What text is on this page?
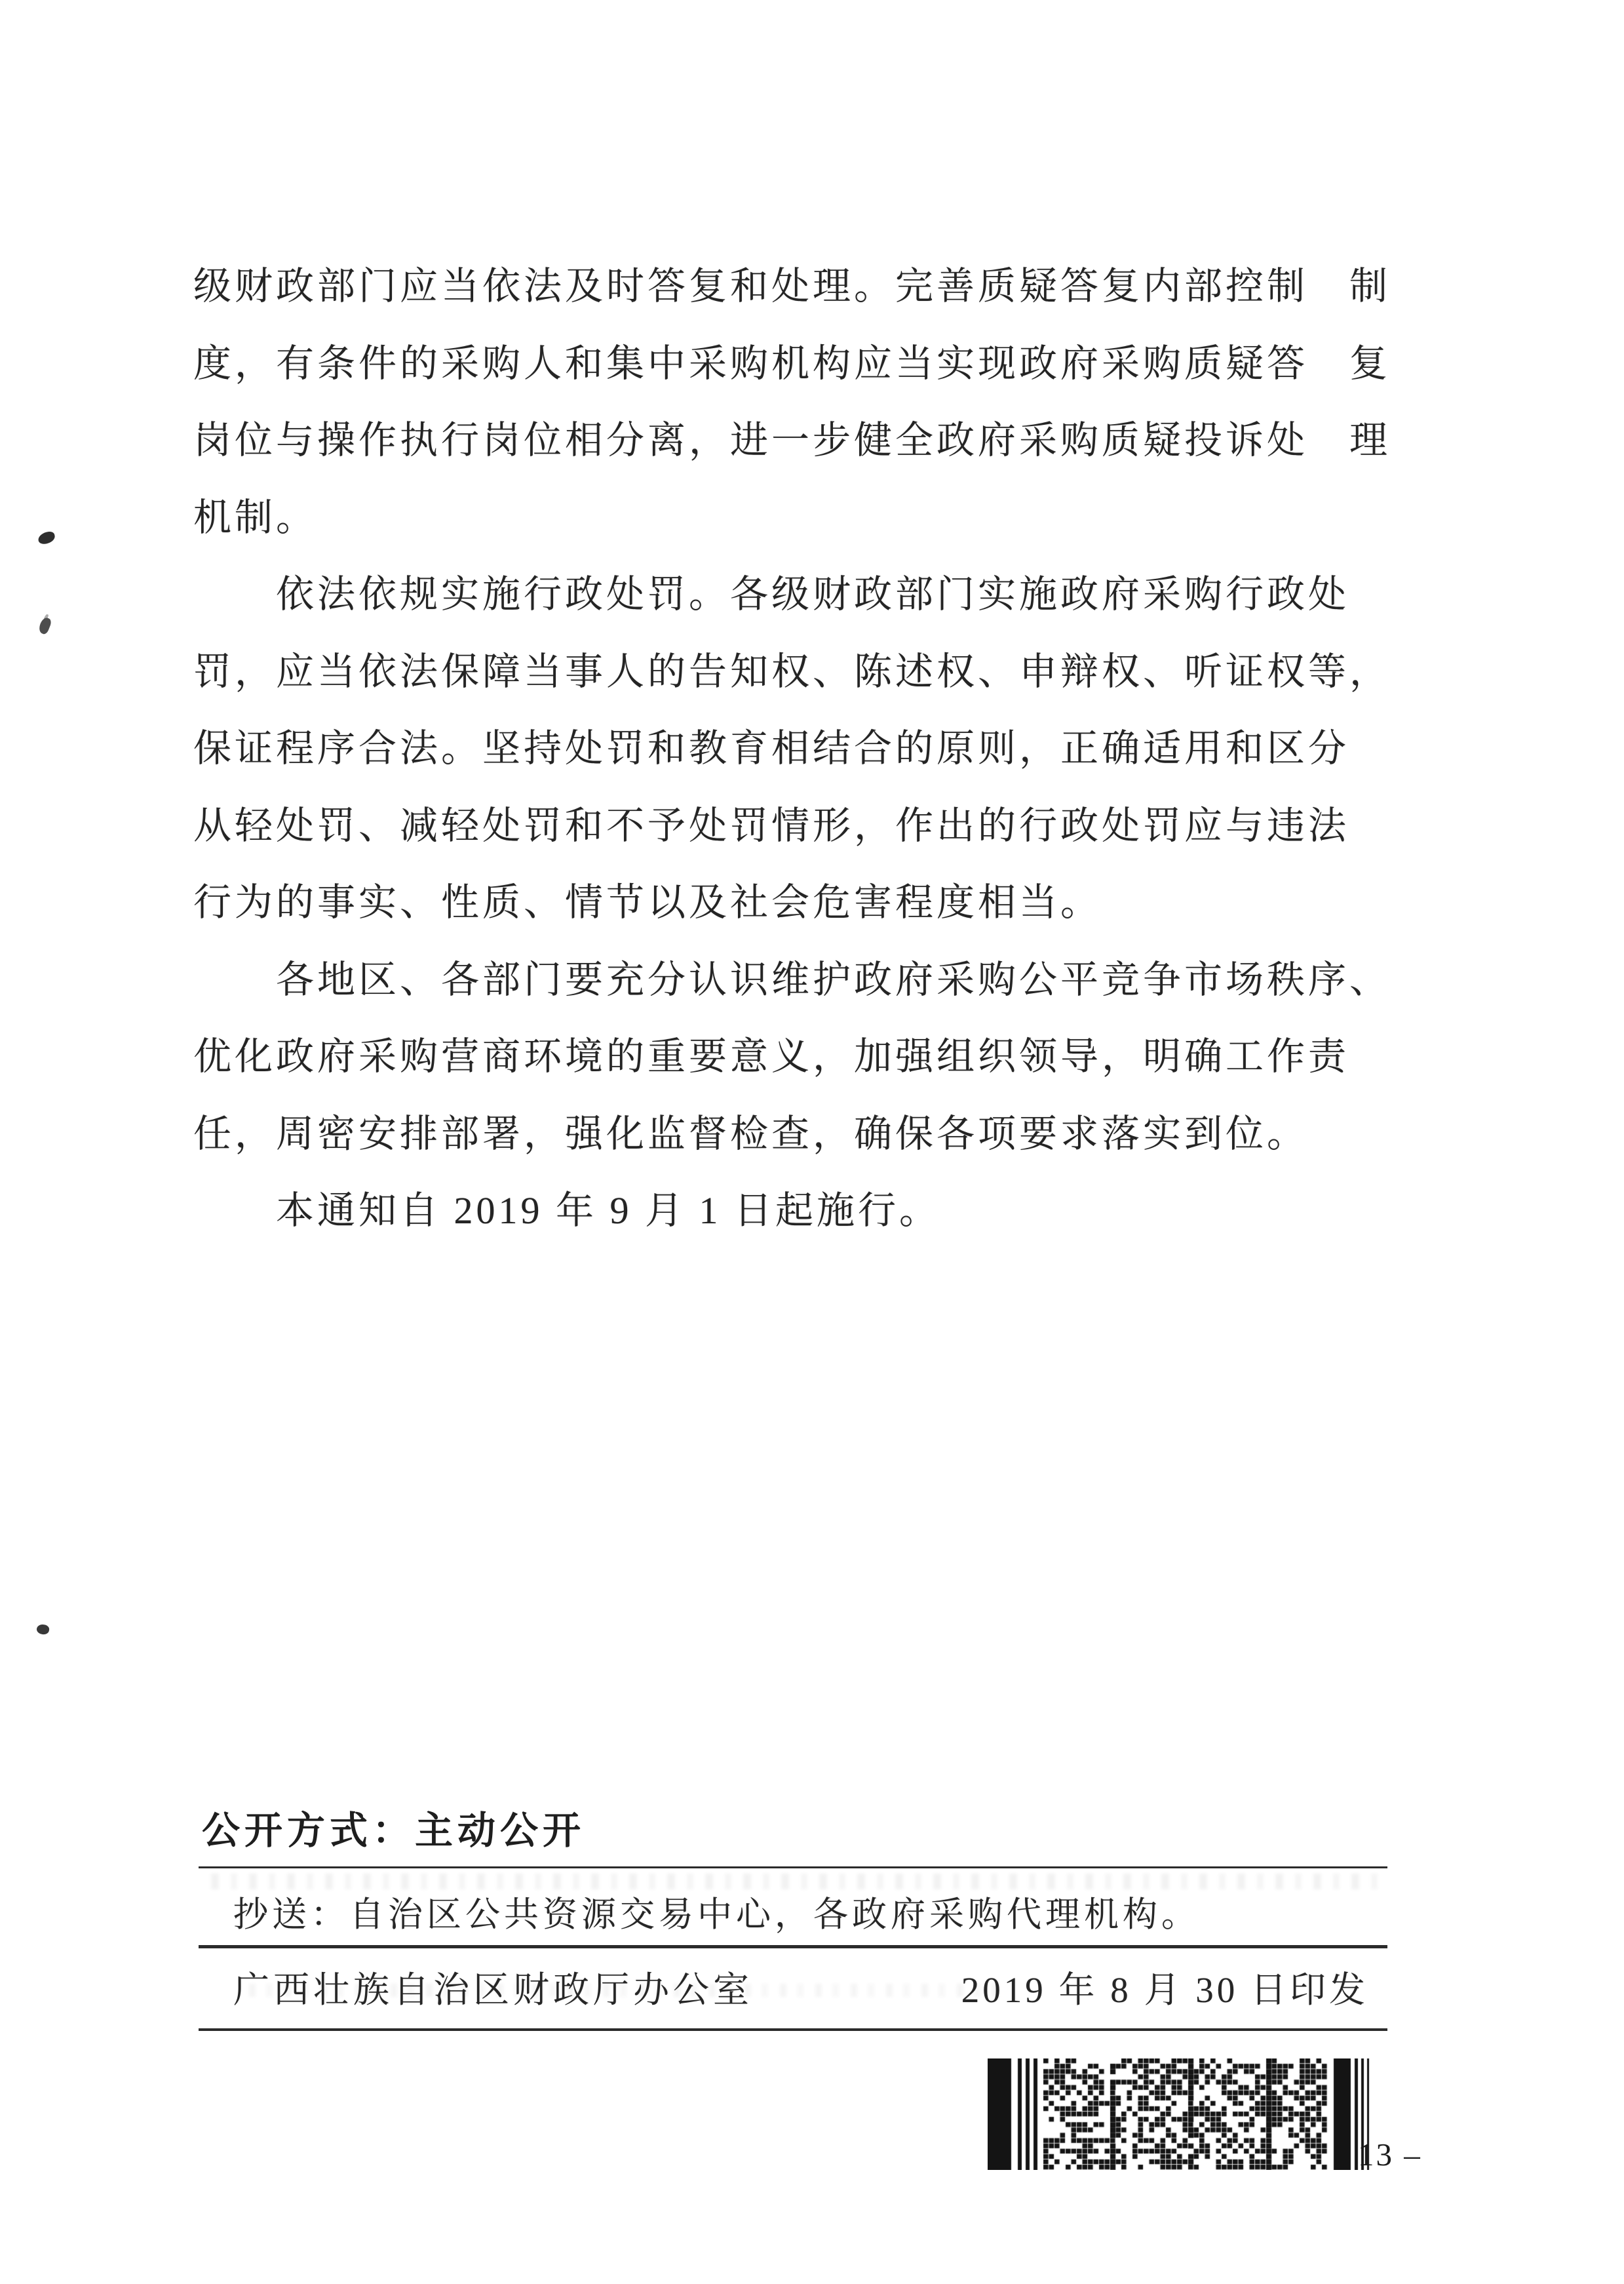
级财政部门应当依法及时答复和处理。完善质疑答复内部控制　制
度，有条件的采购人和集中采购机构应当实现政府采购质疑答　复
岗位与操作执行岗位相分离，进一步健全政府采购质疑投诉处　理
机制。
　　依法依规实施行政处罚。各级财政部门实施政府采购行政处
罚，应当依法保障当事人的告知权、陈述权、申辩权、听证权等，
保证程序合法。坚持处罚和教育相结合的原则，正确适用和区分
从轻处罚、减轻处罚和不予处罚情形，作出的行政处罚应与违法
行为的事实、性质、情节以及社会危害程度相当。
　　各地区、各部门要充分认识维护政府采购公平竞争市场秩序、
优化政府采购营商环境的重要意义，加强组织领导，明确工作责
任，周密安排部署，强化监督检查，确保各项要求落实到位。
　　本通知自 2019 年 9 月 1 日起施行。
公开方式：主动公开
抄送：自治区公共资源交易中心，各政府采购代理机构。
广西壮族自治区财政厅办公室	2019 年 8 月 30 日印发
13 –
